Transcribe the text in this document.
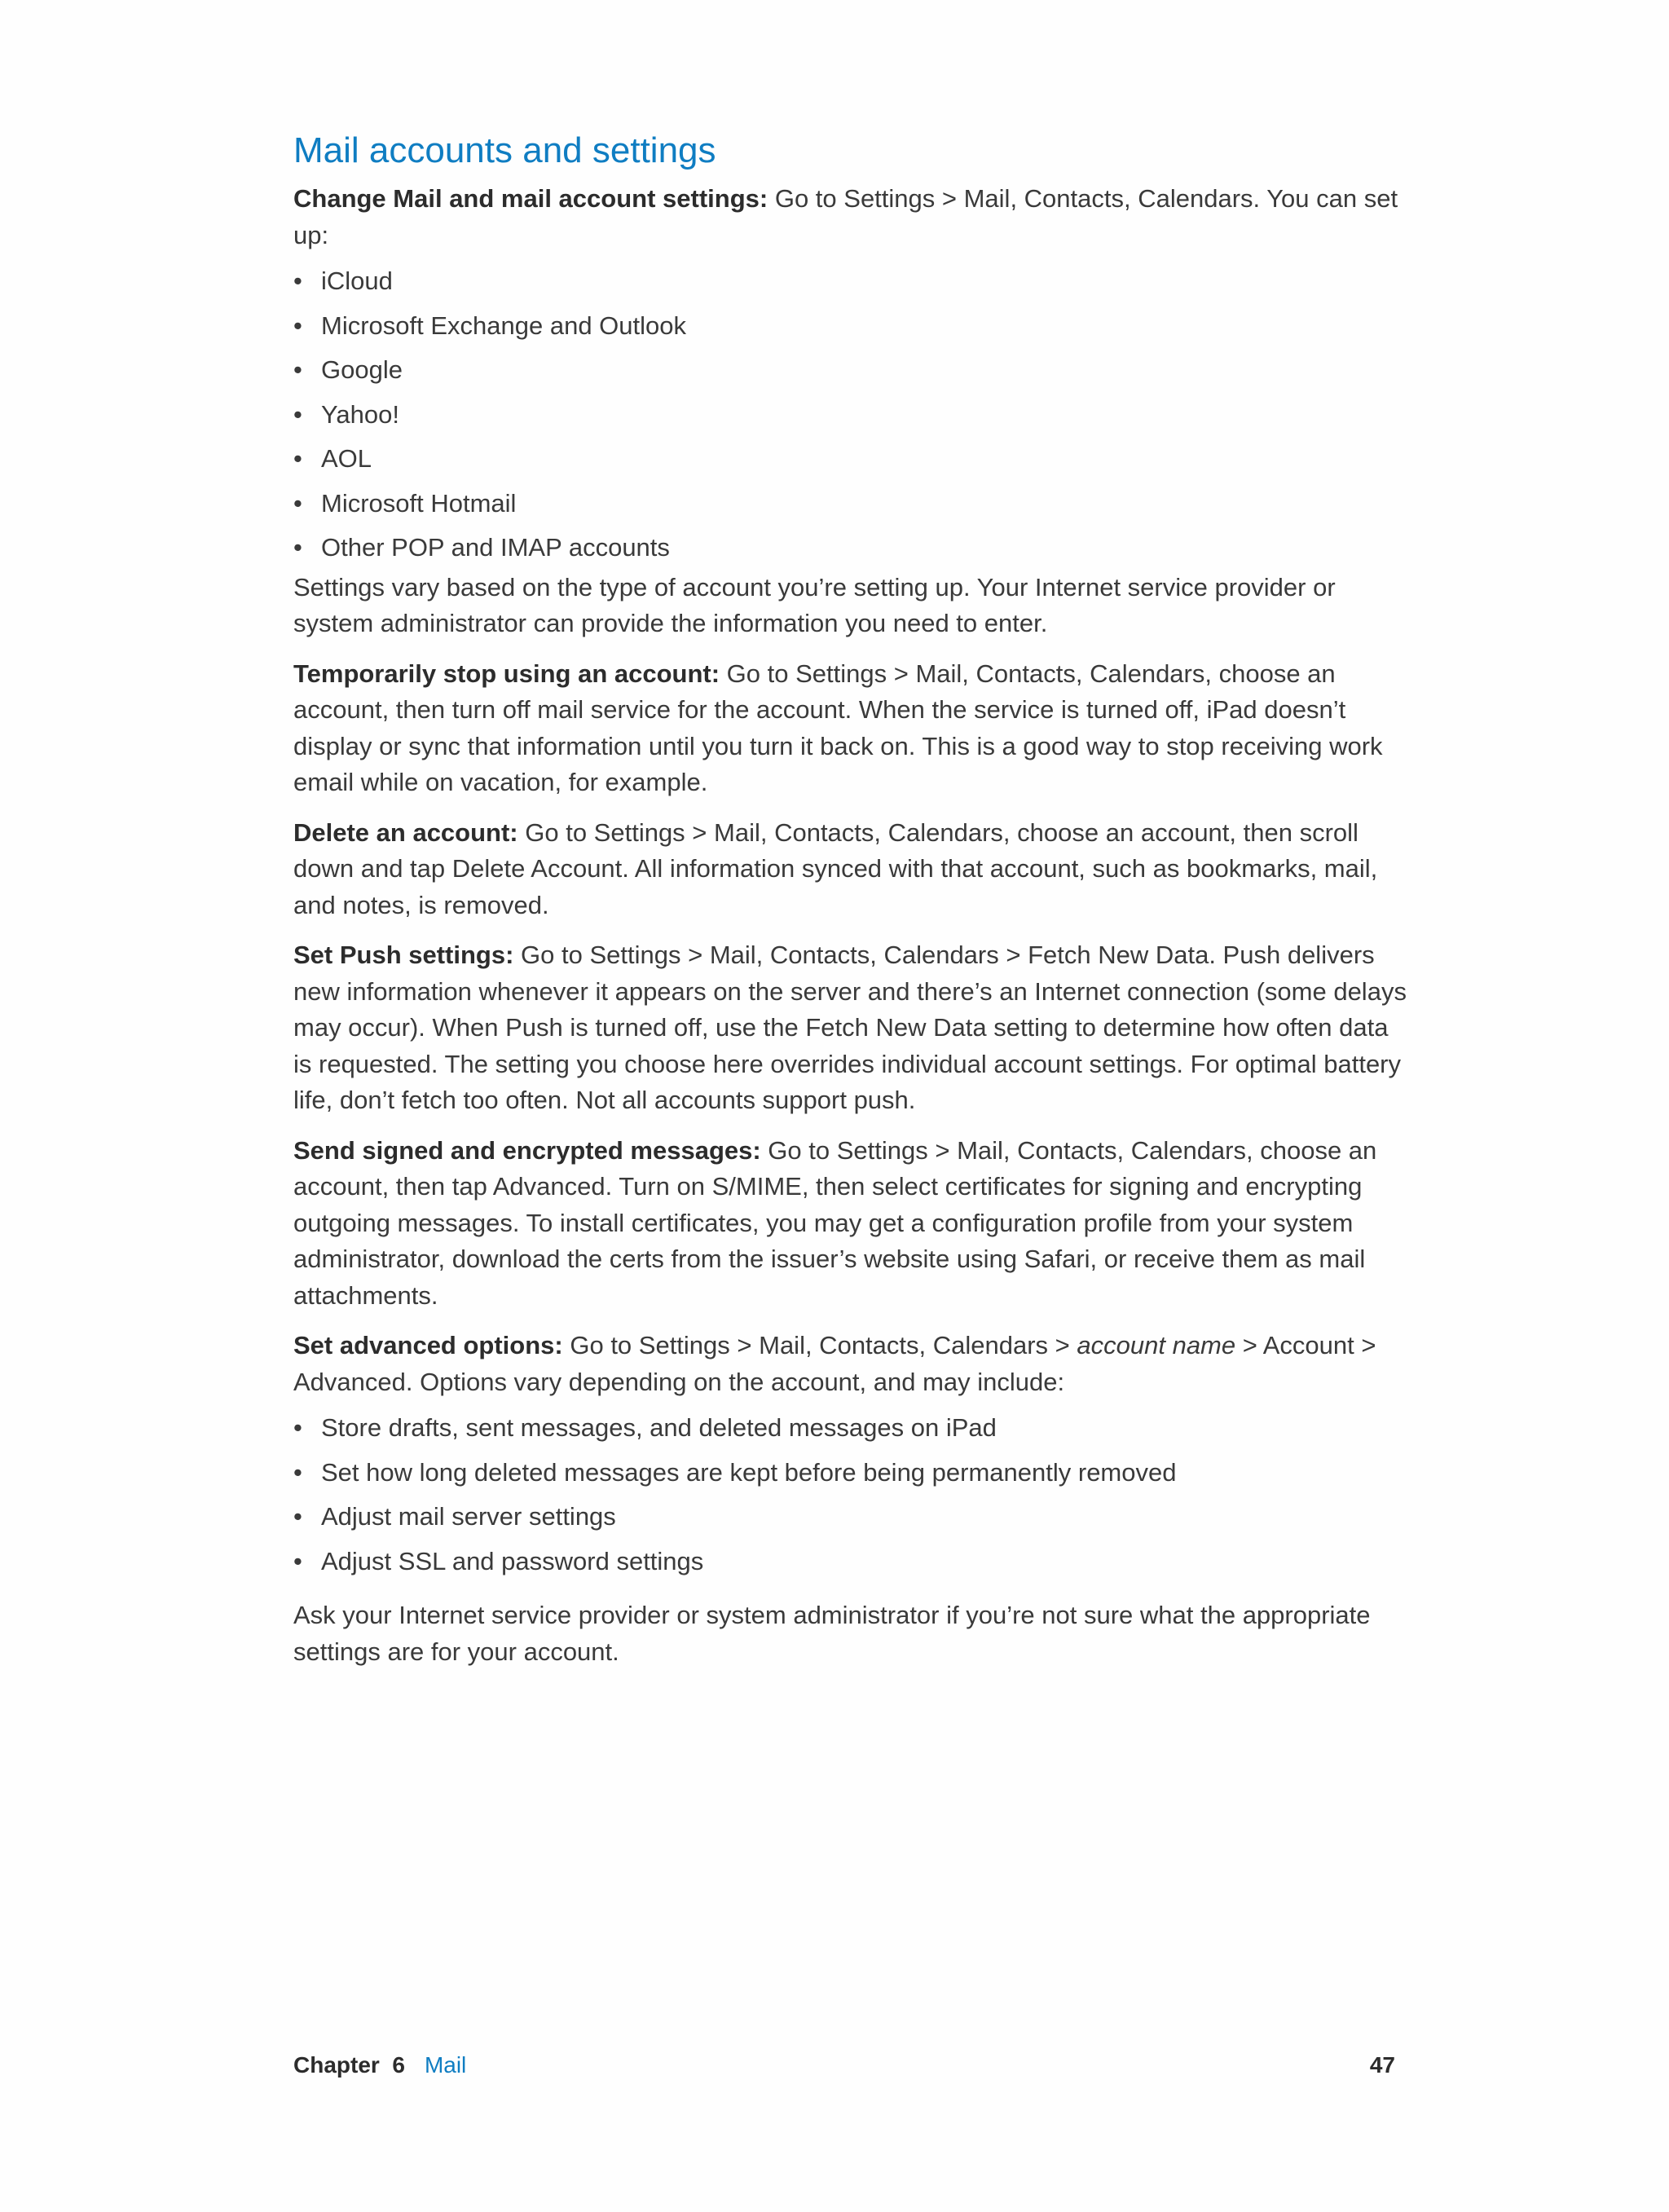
Mail accounts and settings

Change Mail and mail account settings: Go to Settings > Mail, Contacts, Calendars. You can set up:

• iCloud
• Microsoft Exchange and Outlook
• Google
• Yahoo!
• AOL
• Microsoft Hotmail
• Other POP and IMAP accounts

Settings vary based on the type of account you’re setting up. Your Internet service provider or system administrator can provide the information you need to enter.

Temporarily stop using an account: Go to Settings > Mail, Contacts, Calendars, choose an account, then turn off mail service for the account. When the service is turned off, iPad doesn’t display or sync that information until you turn it back on. This is a good way to stop receiving work email while on vacation, for example.

Delete an account: Go to Settings > Mail, Contacts, Calendars, choose an account, then scroll down and tap Delete Account. All information synced with that account, such as bookmarks, mail, and notes, is removed.

Set Push settings: Go to Settings > Mail, Contacts, Calendars > Fetch New Data. Push delivers new information whenever it appears on the server and there’s an Internet connection (some delays may occur). When Push is turned off, use the Fetch New Data setting to determine how often data is requested. The setting you choose here overrides individual account settings. For optimal battery life, don’t fetch too often. Not all accounts support push.

Send signed and encrypted messages: Go to Settings > Mail, Contacts, Calendars, choose an account, then tap Advanced. Turn on S/MIME, then select certificates for signing and encrypting outgoing messages. To install certificates, you may get a configuration profile from your system administrator, download the certs from the issuer’s website using Safari, or receive them as mail attachments.

Set advanced options: Go to Settings > Mail, Contacts, Calendars > account name > Account > Advanced. Options vary depending on the account, and may include:

• Store drafts, sent messages, and deleted messages on iPad
• Set how long deleted messages are kept before being permanently removed
• Adjust mail server settings
• Adjust SSL and password settings

Ask your Internet service provider or system administrator if you’re not sure what the appropriate settings are for your account.

Chapter  6 Mail	47
